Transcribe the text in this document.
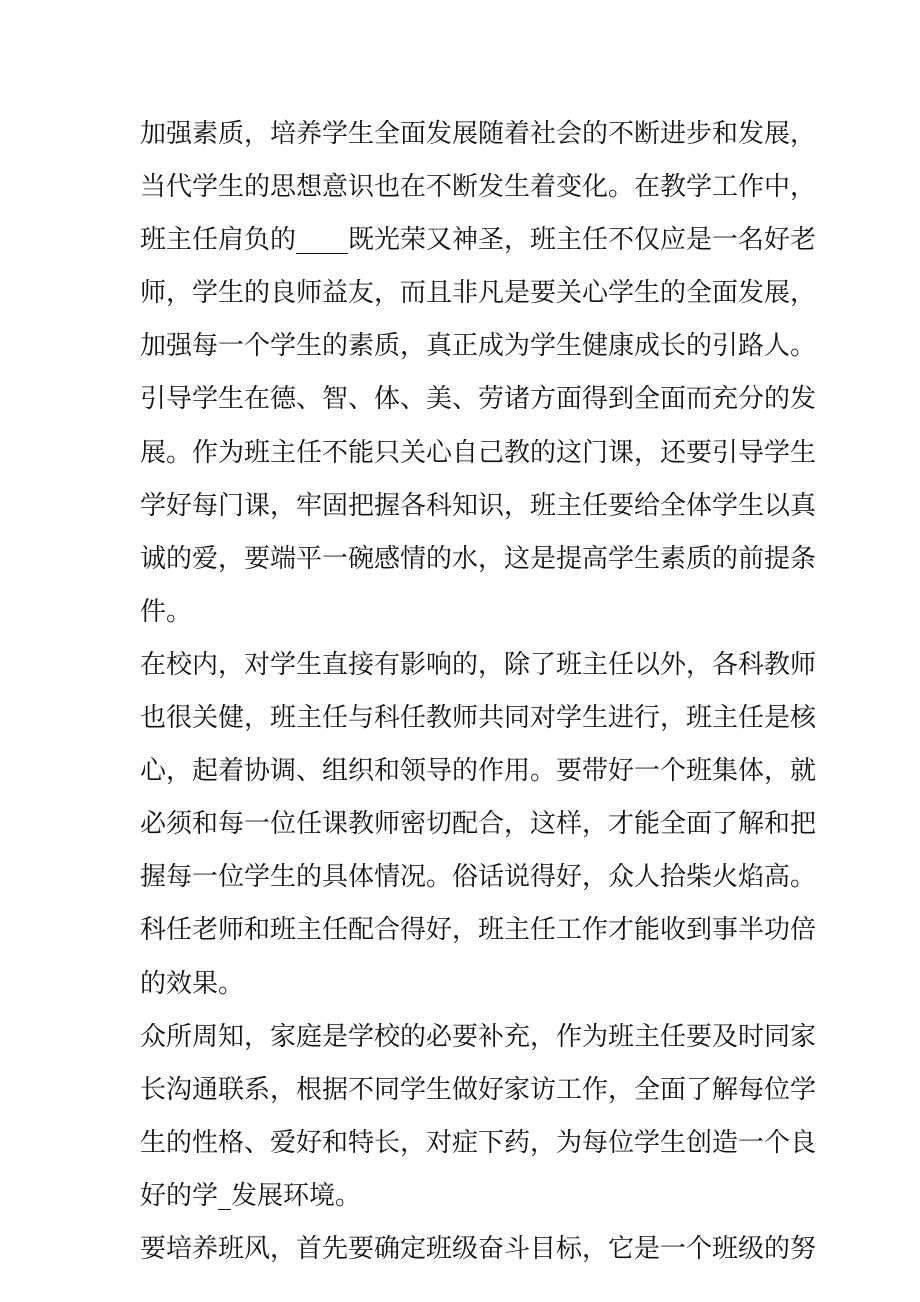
加强素质，培养学生全面发展随着社会的不断进步和发展，
当代学生的思想意识也在不断发生着变化。在教学工作中，
班主任肩负的____既光荣又神圣，班主任不仅应是一名好老
师，学生的良师益友，而且非凡是要关心学生的全面发展，
加强每一个学生的素质，真正成为学生健康成长的引路人。
引导学生在德、智、体、美、劳诸方面得到全面而充分的发
展。作为班主任不能只关心自己教的这门课，还要引导学生
学好每门课，牢固把握各科知识，班主任要给全体学生以真
诚的爱，要端平一碗感情的水，这是提高学生素质的前提条
件。
在校内，对学生直接有影响的，除了班主任以外，各科教师
也很关健，班主任与科任教师共同对学生进行，班主任是核
心，起着协调、组织和领导的作用。要带好一个班集体，就
必须和每一位任课教师密切配合，这样，才能全面了解和把
握每一位学生的具体情况。俗话说得好，众人拾柴火焰高。
科任老师和班主任配合得好，班主任工作才能收到事半功倍
的效果。
众所周知，家庭是学校的必要补充，作为班主任要及时同家
长沟通联系，根据不同学生做好家访工作，全面了解每位学
生的性格、爱好和特长，对症下药，为每位学生创造一个良
好的学_发展环境。
要培养班风，首先要确定班级奋斗目标，它是一个班级的努
